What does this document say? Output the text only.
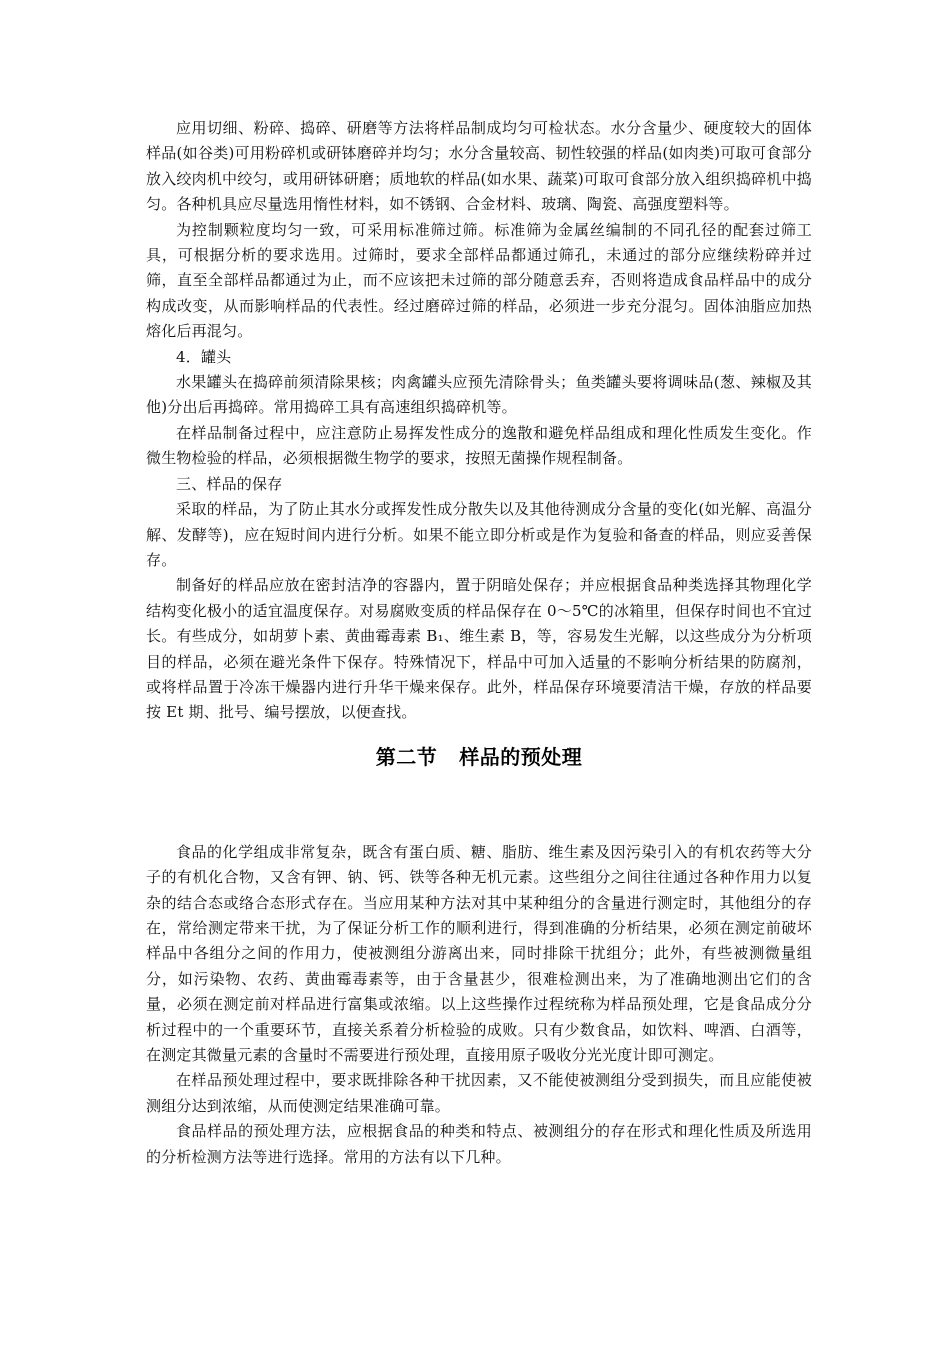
应用切细、粉碎、捣碎、研磨等方法将样品制成均匀可检状态。水分含量少、硬度较大的固体样品(如谷类)可用粉碎机或研钵磨碎并均匀；水分含量较高、韧性较强的样品(如肉类)可取可食部分放入绞肉机中绞匀，或用研钵研磨；质地软的样品(如水果、蔬菜)可取可食部分放入组织捣碎机中捣匀。各种机具应尽量选用惰性材料，如不锈钢、合金材料、玻璃、陶瓷、高强度塑料等。

为控制颗粒度均匀一致，可采用标准筛过筛。标准筛为金属丝编制的不同孔径的配套过筛工具，可根据分析的要求选用。过筛时，要求全部样品都通过筛孔，未通过的部分应继续粉碎并过筛，直至全部样品都通过为止，而不应该把未过筛的部分随意丢弃，否则将造成食品样品中的成分构成改变，从而影响样品的代表性。经过磨碎过筛的样品，必须进一步充分混匀。固体油脂应加热熔化后再混匀。

4．罐头

水果罐头在捣碎前须清除果核；肉禽罐头应预先清除骨头；鱼类罐头要将调味品(葱、辣椒及其他)分出后再捣碎。常用捣碎工具有高速组织捣碎机等。

在样品制备过程中，应注意防止易挥发性成分的逸散和避免样品组成和理化性质发生变化。作微生物检验的样品，必须根据微生物学的要求，按照无菌操作规程制备。

三、样品的保存

采取的样品，为了防止其水分或挥发性成分散失以及其他待测成分含量的变化(如光解、高温分解、发酵等)，应在短时间内进行分析。如果不能立即分析或是作为复验和备查的样品，则应妥善保存。

制备好的样品应放在密封洁净的容器内，置于阴暗处保存；并应根据食品种类选择其物理化学结构变化极小的适宜温度保存。对易腐败变质的样品保存在 0～5℃的冰箱里，但保存时间也不宜过长。有些成分，如胡萝卜素、黄曲霉毒素 B₁、维生素 B，等，容易发生光解，以这些成分为分析项目的样品，必须在避光条件下保存。特殊情况下，样品中可加入适量的不影响分析结果的防腐剂，或将样品置于冷冻干燥器内进行升华干燥来保存。此外，样品保存环境要清洁干燥，存放的样品要按 Et 期、批号、编号摆放，以便查找。

第二节 样品的预处理

食品的化学组成非常复杂，既含有蛋白质、糖、脂肪、维生素及因污染引入的有机农药等大分子的有机化合物，又含有钾、钠、钙、铁等各种无机元素。这些组分之间往往通过各种作用力以复杂的结合态或络合态形式存在。当应用某种方法对其中某种组分的含量进行测定时，其他组分的存在，常给测定带来干扰，为了保证分析工作的顺利进行，得到准确的分析结果，必须在测定前破坏样品中各组分之间的作用力，使被测组分游离出来，同时排除干扰组分；此外，有些被测微量组分，如污染物、农药、黄曲霉毒素等，由于含量甚少，很难检测出来，为了准确地测出它们的含量，必须在测定前对样品进行富集或浓缩。以上这些操作过程统称为样品预处理，它是食品成分分析过程中的一个重要环节，直接关系着分析检验的成败。只有少数食品，如饮料、啤酒、白酒等，在测定其微量元素的含量时不需要进行预处理，直接用原子吸收分光光度计即可测定。

在样品预处理过程中，要求既排除各种干扰因素，又不能使被测组分受到损失，而且应能使被测组分达到浓缩，从而使测定结果准确可靠。

食品样品的预处理方法，应根据食品的种类和特点、被测组分的存在形式和理化性质及所选用的分析检测方法等进行选择。常用的方法有以下几种。
